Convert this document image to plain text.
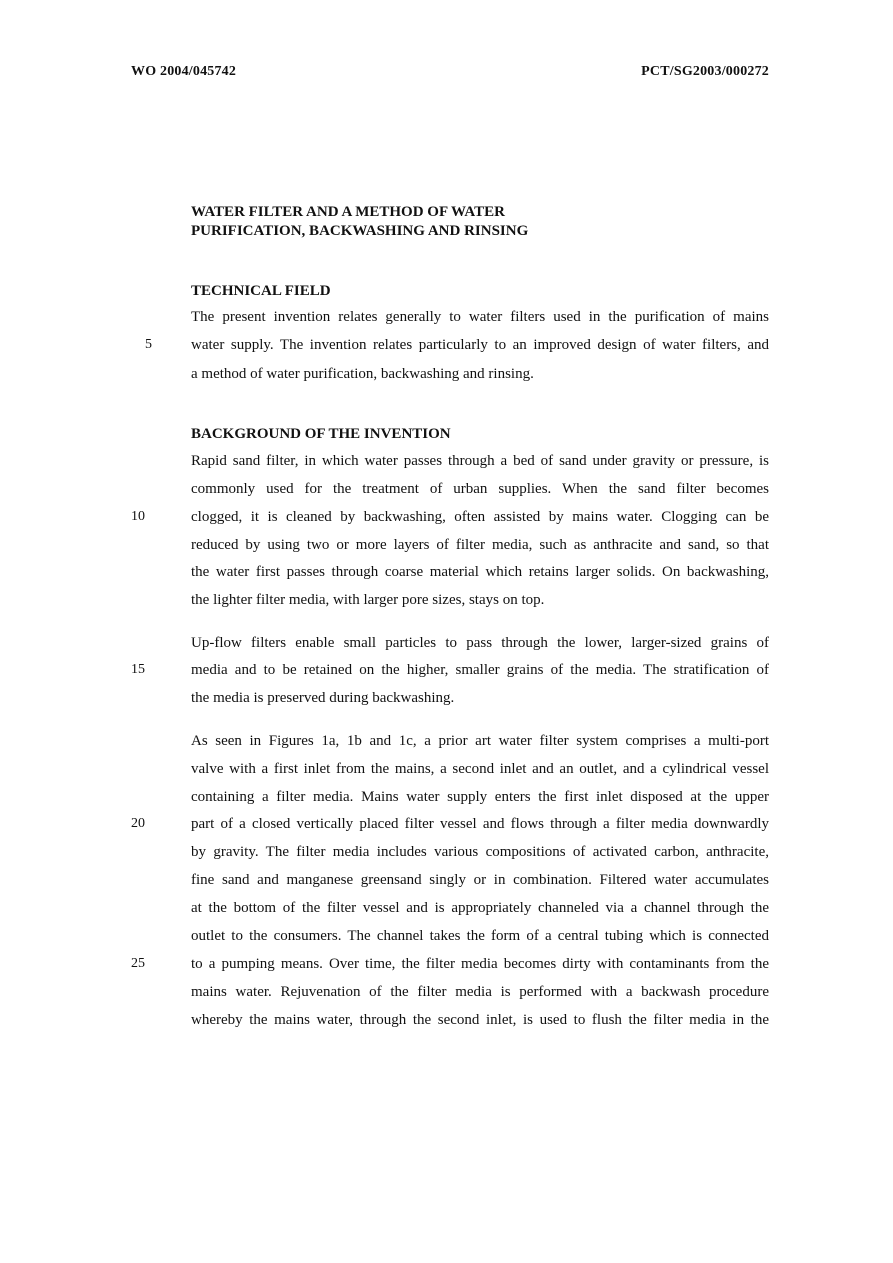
WO 2004/045742	PCT/SG2003/000272
WATER FILTER AND A METHOD OF WATER
PURIFICATION, BACKWASHING AND RINSING
TECHNICAL FIELD
The present invention relates generally to water filters used in the purification of mains
water supply. The invention relates particularly to an improved design of water filters, and
a method of water purification, backwashing and rinsing.
BACKGROUND OF THE INVENTION
Rapid sand filter, in which water passes through a bed of sand under gravity or pressure, is
commonly used for the treatment of urban supplies. When the sand filter becomes
clogged, it is cleaned by backwashing, often assisted by mains water. Clogging can be
reduced by using two or more layers of filter media, such as anthracite and sand, so that
the water first passes through coarse material which retains larger solids. On backwashing,
the lighter filter media, with larger pore sizes, stays on top.
Up-flow filters enable small particles to pass through the lower, larger-sized grains of
media and to be retained on the higher, smaller grains of the media. The stratification of
the media is preserved during backwashing.
As seen in Figures 1a, 1b and 1c, a prior art water filter system comprises a multi-port
valve with a first inlet from the mains, a second inlet and an outlet, and a cylindrical vessel
containing a filter media. Mains water supply enters the first inlet disposed at the upper
part of a closed vertically placed filter vessel and flows through a filter media downwardly
by gravity. The filter media includes various compositions of activated carbon, anthracite,
fine sand and manganese greensand singly or in combination. Filtered water accumulates
at the bottom of the filter vessel and is appropriately channeled via a channel through the
outlet to the consumers. The channel takes the form of a central tubing which is connected
to a pumping means. Over time, the filter media becomes dirty with contaminants from the
mains water. Rejuvenation of the filter media is performed with a backwash procedure
whereby the mains water, through the second inlet, is used to flush the filter media in the
5
10
15
20
25
